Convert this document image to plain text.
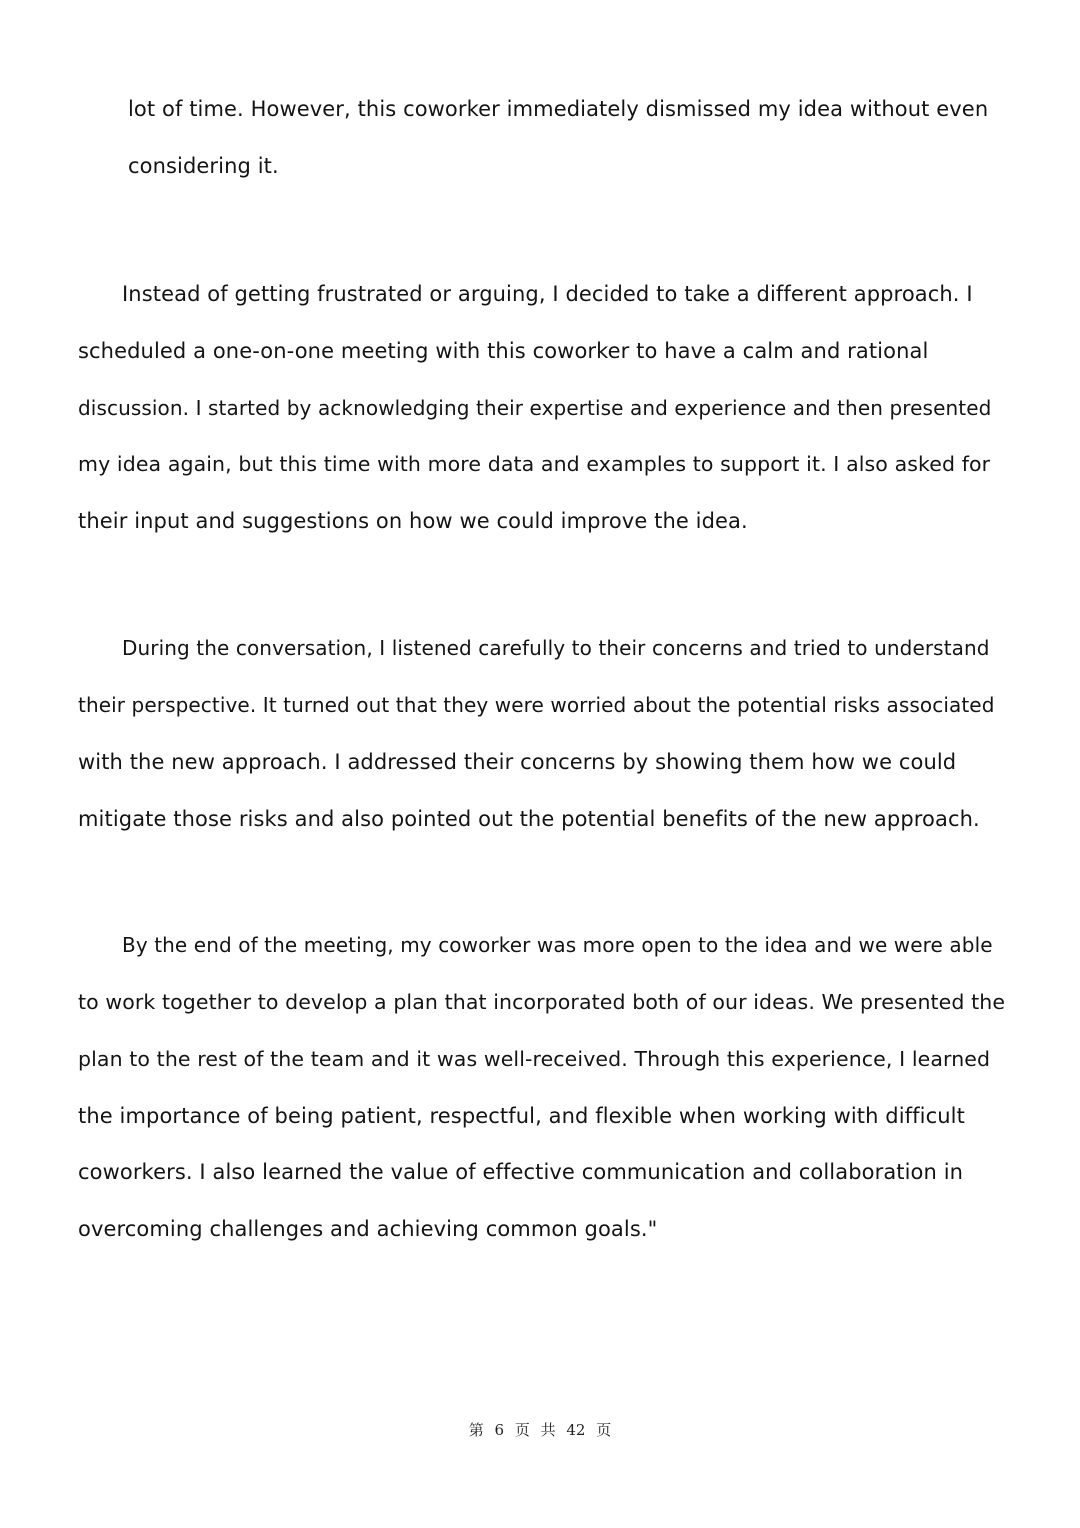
lot of time. However, this coworker immediately dismissed my idea without even
considering it.
Instead of getting frustrated or arguing, I decided to take a different approach. I
scheduled a one-on-one meeting with this coworker to have a calm and rational
discussion. I started by acknowledging their expertise and experience and then presented
my idea again, but this time with more data and examples to support it. I also asked for
their input and suggestions on how we could improve the idea.
During the conversation, I listened carefully to their concerns and tried to understand
their perspective. It turned out that they were worried about the potential risks associated
with the new approach. I addressed their concerns by showing them how we could
mitigate those risks and also pointed out the potential benefits of the new approach.
By the end of the meeting, my coworker was more open to the idea and we were able
to work together to develop a plan that incorporated both of our ideas. We presented the
plan to the rest of the team and it was well-received. Through this experience, I learned
the importance of being patient, respectful, and flexible when working with difficult
coworkers. I also learned the value of effective communication and collaboration in
overcoming challenges and achieving common goals."
第 6 页 共 42 页
